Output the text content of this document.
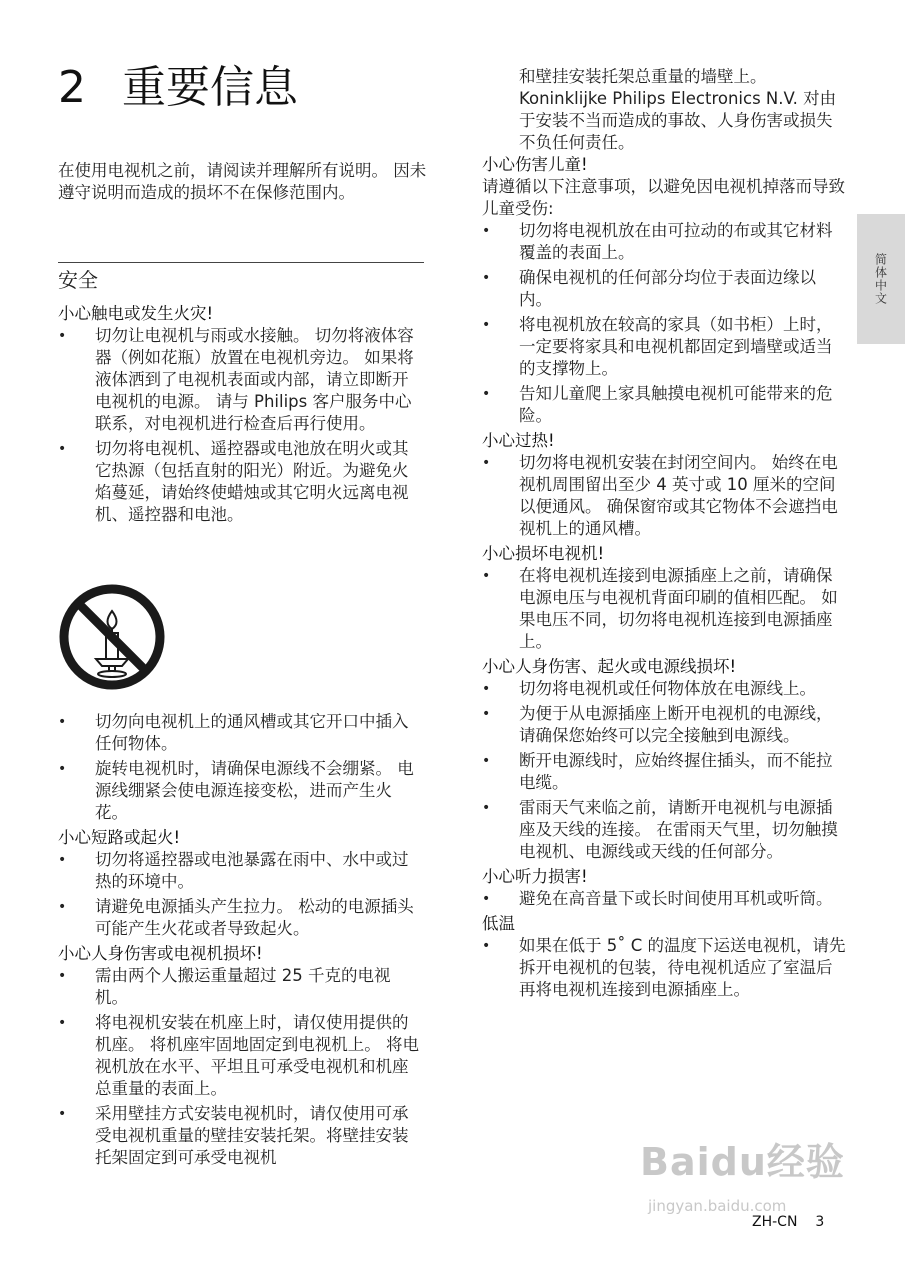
2 重要信息
在使用电视机之前，请阅读并理解所有说明。 因未遵守说明而造成的损坏不在保修范围内。
安全
小心触电或发生火灾!
• 切勿让电视机与雨或水接触。 切勿将液体容器（例如花瓶）放置在电视机旁边。 如果将液体洒到了电视机表面或内部，请立即断开电视机的电源。 请与 Philips 客户服务中心联系，对电视机进行检查后再行使用。
• 切勿将电视机、遥控器或电池放在明火或其它热源（包括直射的阳光）附近。为避免火焰蔓延，请始终使蜡烛或其它明火远离电视机、遥控器和电池。
• 切勿向电视机上的通风槽或其它开口中插入任何物体。
• 旋转电视机时，请确保电源线不会绷紧。 电源线绷紧会使电源连接变松，进而产生火花。
小心短路或起火!
• 切勿将遥控器或电池暴露在雨中、水中或过热的环境中。
• 请避免电源插头产生拉力。 松动的电源插头可能产生火花或者导致起火。
小心人身伤害或电视机损坏!
• 需由两个人搬运重量超过 25 千克的电视机。
• 将电视机安装在机座上时，请仅使用提供的机座。 将机座牢固地固定到电视机上。 将电视机放在水平、平坦且可承受电视机和机座总重量的表面上。
• 采用壁挂方式安装电视机时，请仅使用可承受电视机重量的壁挂安装托架。将壁挂安装托架固定到可承受电视机

和壁挂安装托架总重量的墙壁上。Koninklijke Philips Electronics N.V. 对由于安装不当而造成的事故、人身伤害或损失不负任何责任。

小心伤害儿童!

请遵循以下注意事项，以避免因电视机掉落而导致儿童受伤:

• 切勿将电视机放在由可拉动的布或其它材料覆盖的表面上。
• 确保电视机的任何部分均位于表面边缘以内。
• 将电视机放在较高的家具（如书柜）上时，一定要将家具和电视机都固定到墙壁或适当的支撑物上。
• 告知儿童爬上家具触摸电视机可能带来的危险。
小心过热!
• 切勿将电视机安装在封闭空间内。 始终在电视机周围留出至少 4 英寸或 10 厘米的空间以便通风。 确保窗帘或其它物体不会遮挡电视机上的通风槽。
小心损坏电视机!
• 在将电视机连接到电源插座上之前，请确保电源电压与电视机背面印刷的值相匹配。 如果电压不同，切勿将电视机连接到电源插座上。
小心人身伤害、起火或电源线损坏!
• 切勿将电视机或任何物体放在电源线上。
• 为便于从电源插座上断开电视机的电源线，请确保您始终可以完全接触到电源线。
• 断开电源线时，应始终握住插头，而不能拉电缆。
• 雷雨天气来临之前，请断开电视机与电源插座及天线的连接。 在雷雨天气里，切勿触摸电视机、电源线或天线的任何部分。
小心听力损害!
• 避免在高音量下或长时间使用耳机或听筒。
低温
• 如果在低于 5˚ C 的温度下运送电视机，请先拆开电视机的包装，待电视机适应了室温后再将电视机连接到电源插座上。
简体中文
Baidu经验
jingyan.baidu.com
ZH-CN 3
